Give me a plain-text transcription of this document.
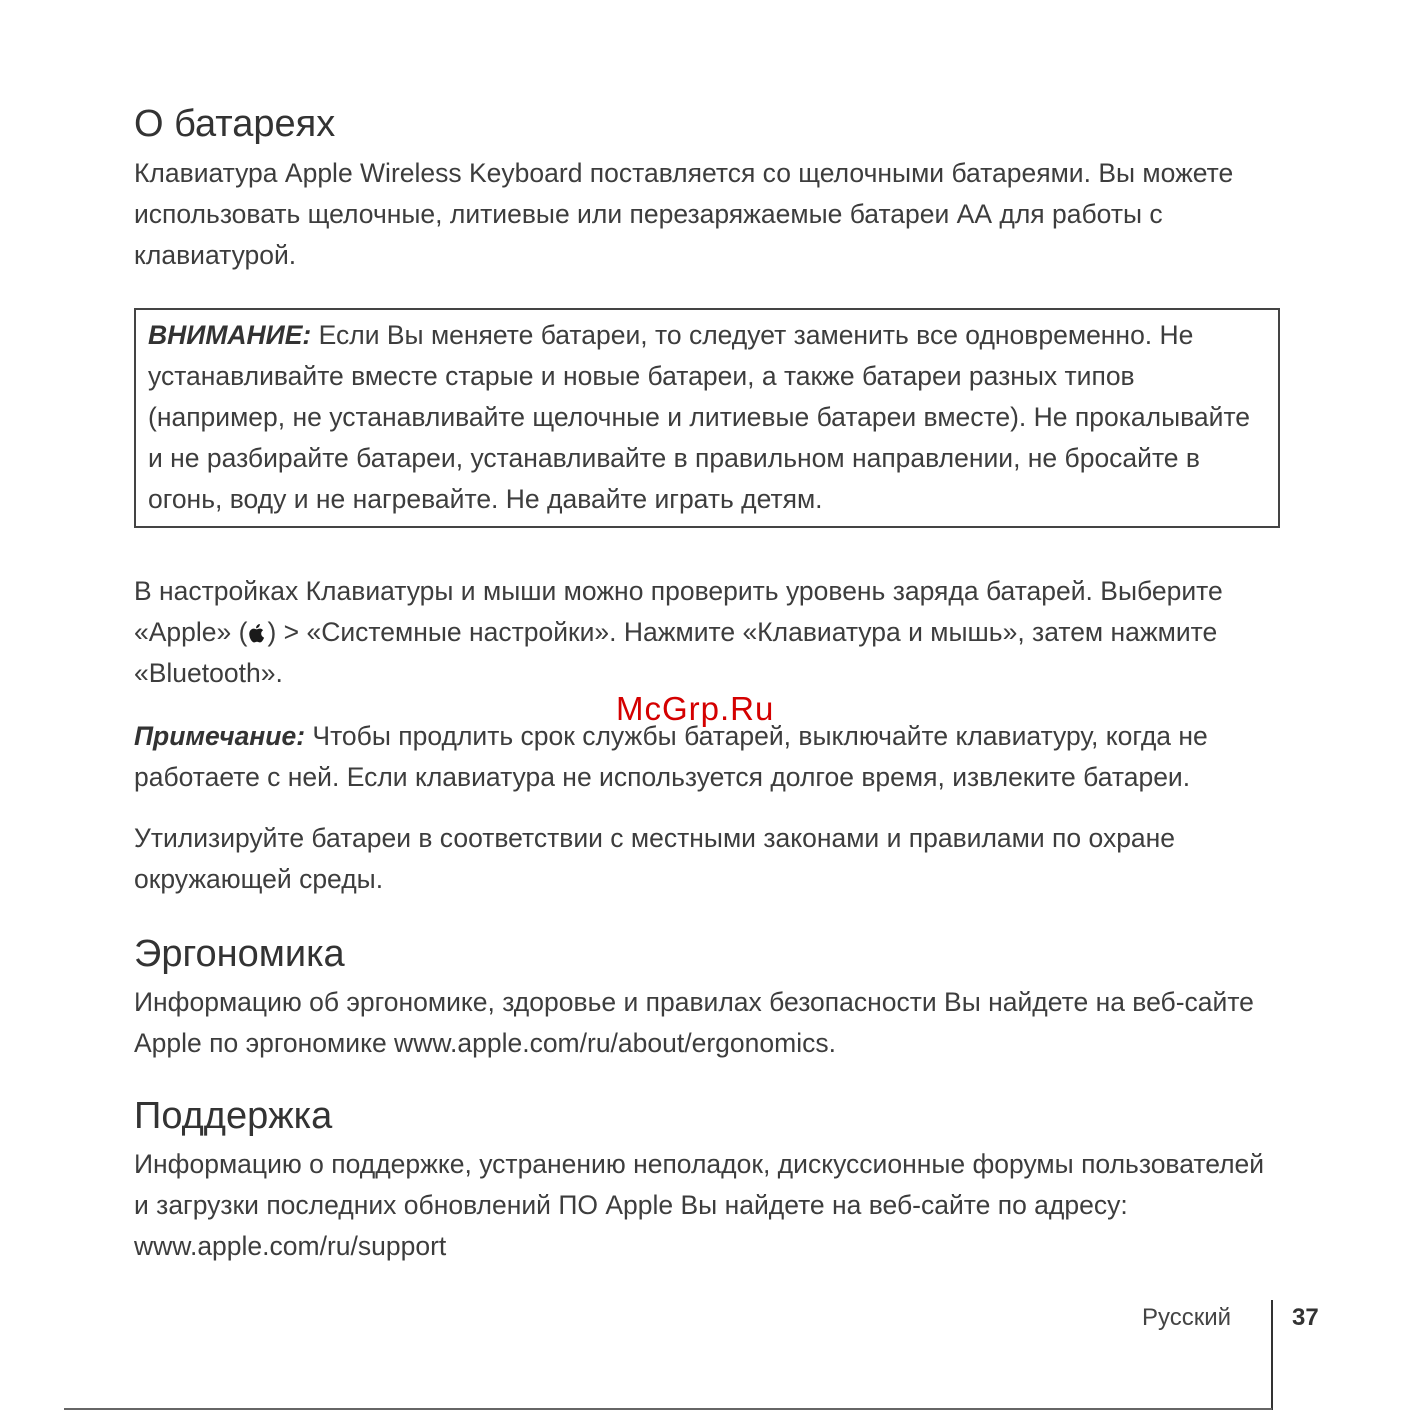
О батареях

Клавиатура Apple Wireless Keyboard поставляется со щелочными батареями. Вы можете использовать щелочные, литиевые или перезаряжаемые батареи АА для работы с клавиатурой.

ВНИМАНИЕ: Если Вы меняете батареи, то следует заменить все одновременно. Не устанавливайте вместе старые и новые батареи, а также батареи разных типов (например, не устанавливайте щелочные и литиевые батареи вместе). Не прокалывайте и не разбирайте батареи, устанавливайте в правильном направлении, не бросайте в огонь, воду и не нагревайте. Не давайте играть детям.

В настройках Клавиатуры и мыши можно проверить уровень заряда батарей. Выберите «Apple» ( ) > «Системные настройки». Нажмите «Клавиатура и мышь», затем нажмите «Bluetooth».

Примечание: Чтобы продлить срок службы батарей, выключайте клавиатуру, когда не работаете с ней. Если клавиатура не используется долгое время, извлеките батареи.

Утилизируйте батареи в соответствии с местными законами и правилами по охране окружающей среды.

Эргономика

Информацию об эргономике, здоровье и правилах безопасности Вы найдете на веб-сайте Apple по эргономике www.apple.com/ru/about/ergonomics.

Поддержка

Информацию о поддержке, устранению неполадок, дискуссионные форумы пользователей и загрузки последних обновлений ПО Apple Вы найдете на веб-сайте по адресу: www.apple.com/ru/support

McGrp.Ru
Русский	37
